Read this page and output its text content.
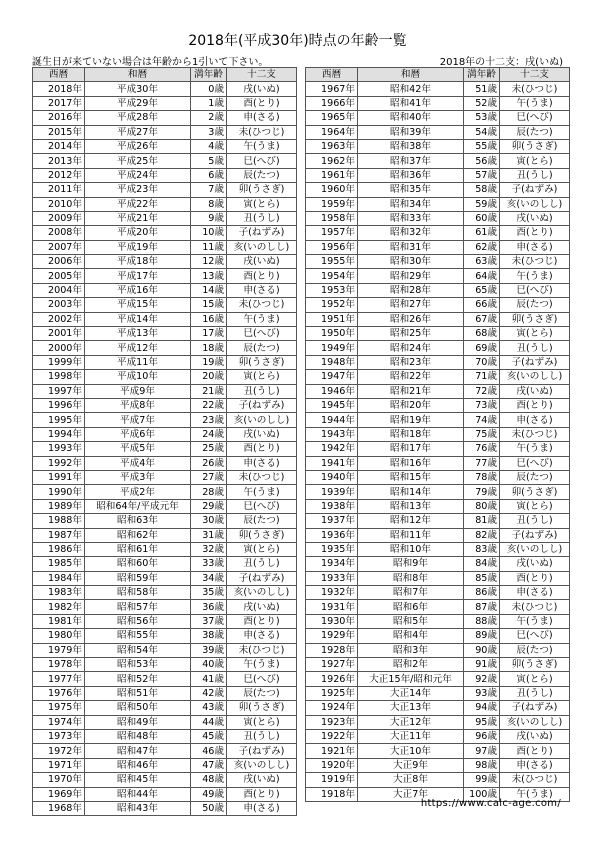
2018年(平成30年)時点の年齢一覧
誕生日が来ていない場合は年齢から1引いて下さい。	2018年の十二支：戌(いぬ)
西暦	和暦	満年齢	十二支
2018年	平成30年	0歳	戌(いぬ)
2017年	平成29年	1歳	酉(とり)
2016年	平成28年	2歳	申(さる)
2015年	平成27年	3歳	未(ひつじ)
2014年	平成26年	4歳	午(うま)
2013年	平成25年	5歳	巳(へび)
2012年	平成24年	6歳	辰(たつ)
2011年	平成23年	7歳	卯(うさぎ)
2010年	平成22年	8歳	寅(とら)
2009年	平成21年	9歳	丑(うし)
2008年	平成20年	10歳	子(ねずみ)
2007年	平成19年	11歳	亥(いのしし)
2006年	平成18年	12歳	戌(いぬ)
2005年	平成17年	13歳	酉(とり)
2004年	平成16年	14歳	申(さる)
2003年	平成15年	15歳	未(ひつじ)
2002年	平成14年	16歳	午(うま)
2001年	平成13年	17歳	巳(へび)
2000年	平成12年	18歳	辰(たつ)
1999年	平成11年	19歳	卯(うさぎ)
1998年	平成10年	20歳	寅(とら)
1997年	平成9年	21歳	丑(うし)
1996年	平成8年	22歳	子(ねずみ)
1995年	平成7年	23歳	亥(いのしし)
1994年	平成6年	24歳	戌(いぬ)
1993年	平成5年	25歳	酉(とり)
1992年	平成4年	26歳	申(さる)
1991年	平成3年	27歳	未(ひつじ)
1990年	平成2年	28歳	午(うま)
1989年	昭和64年/平成元年	29歳	巳(へび)
1988年	昭和63年	30歳	辰(たつ)
1987年	昭和62年	31歳	卯(うさぎ)
1986年	昭和61年	32歳	寅(とら)
1985年	昭和60年	33歳	丑(うし)
1984年	昭和59年	34歳	子(ねずみ)
1983年	昭和58年	35歳	亥(いのしし)
1982年	昭和57年	36歳	戌(いぬ)
1981年	昭和56年	37歳	酉(とり)
1980年	昭和55年	38歳	申(さる)
1979年	昭和54年	39歳	未(ひつじ)
1978年	昭和53年	40歳	午(うま)
1977年	昭和52年	41歳	巳(へび)
1976年	昭和51年	42歳	辰(たつ)
1975年	昭和50年	43歳	卯(うさぎ)
1974年	昭和49年	44歳	寅(とら)
1973年	昭和48年	45歳	丑(うし)
1972年	昭和47年	46歳	子(ねずみ)
1971年	昭和46年	47歳	亥(いのしし)
1970年	昭和45年	48歳	戌(いぬ)
1969年	昭和44年	49歳	酉(とり)
1968年	昭和43年	50歳	申(さる)
西暦	和暦	満年齢	十二支
1967年	昭和42年	51歳	未(ひつじ)
1966年	昭和41年	52歳	午(うま)
1965年	昭和40年	53歳	巳(へび)
1964年	昭和39年	54歳	辰(たつ)
1963年	昭和38年	55歳	卯(うさぎ)
1962年	昭和37年	56歳	寅(とら)
1961年	昭和36年	57歳	丑(うし)
1960年	昭和35年	58歳	子(ねずみ)
1959年	昭和34年	59歳	亥(いのしし)
1958年	昭和33年	60歳	戌(いぬ)
1957年	昭和32年	61歳	酉(とり)
1956年	昭和31年	62歳	申(さる)
1955年	昭和30年	63歳	未(ひつじ)
1954年	昭和29年	64歳	午(うま)
1953年	昭和28年	65歳	巳(へび)
1952年	昭和27年	66歳	辰(たつ)
1951年	昭和26年	67歳	卯(うさぎ)
1950年	昭和25年	68歳	寅(とら)
1949年	昭和24年	69歳	丑(うし)
1948年	昭和23年	70歳	子(ねずみ)
1947年	昭和22年	71歳	亥(いのしし)
1946年	昭和21年	72歳	戌(いぬ)
1945年	昭和20年	73歳	酉(とり)
1944年	昭和19年	74歳	申(さる)
1943年	昭和18年	75歳	未(ひつじ)
1942年	昭和17年	76歳	午(うま)
1941年	昭和16年	77歳	巳(へび)
1940年	昭和15年	78歳	辰(たつ)
1939年	昭和14年	79歳	卯(うさぎ)
1938年	昭和13年	80歳	寅(とら)
1937年	昭和12年	81歳	丑(うし)
1936年	昭和11年	82歳	子(ねずみ)
1935年	昭和10年	83歳	亥(いのしし)
1934年	昭和9年	84歳	戌(いぬ)
1933年	昭和8年	85歳	酉(とり)
1932年	昭和7年	86歳	申(さる)
1931年	昭和6年	87歳	未(ひつじ)
1930年	昭和5年	88歳	午(うま)
1929年	昭和4年	89歳	巳(へび)
1928年	昭和3年	90歳	辰(たつ)
1927年	昭和2年	91歳	卯(うさぎ)
1926年	大正15年/昭和元年	92歳	寅(とら)
1925年	大正14年	93歳	丑(うし)
1924年	大正13年	94歳	子(ねずみ)
1923年	大正12年	95歳	亥(いのしし)
1922年	大正11年	96歳	戌(いぬ)
1921年	大正10年	97歳	酉(とり)
1920年	大正9年	98歳	申(さる)
1919年	大正8年	99歳	未(ひつじ)
1918年	大正7年	100歳	午(うま)
https://www.calc-age.com/
